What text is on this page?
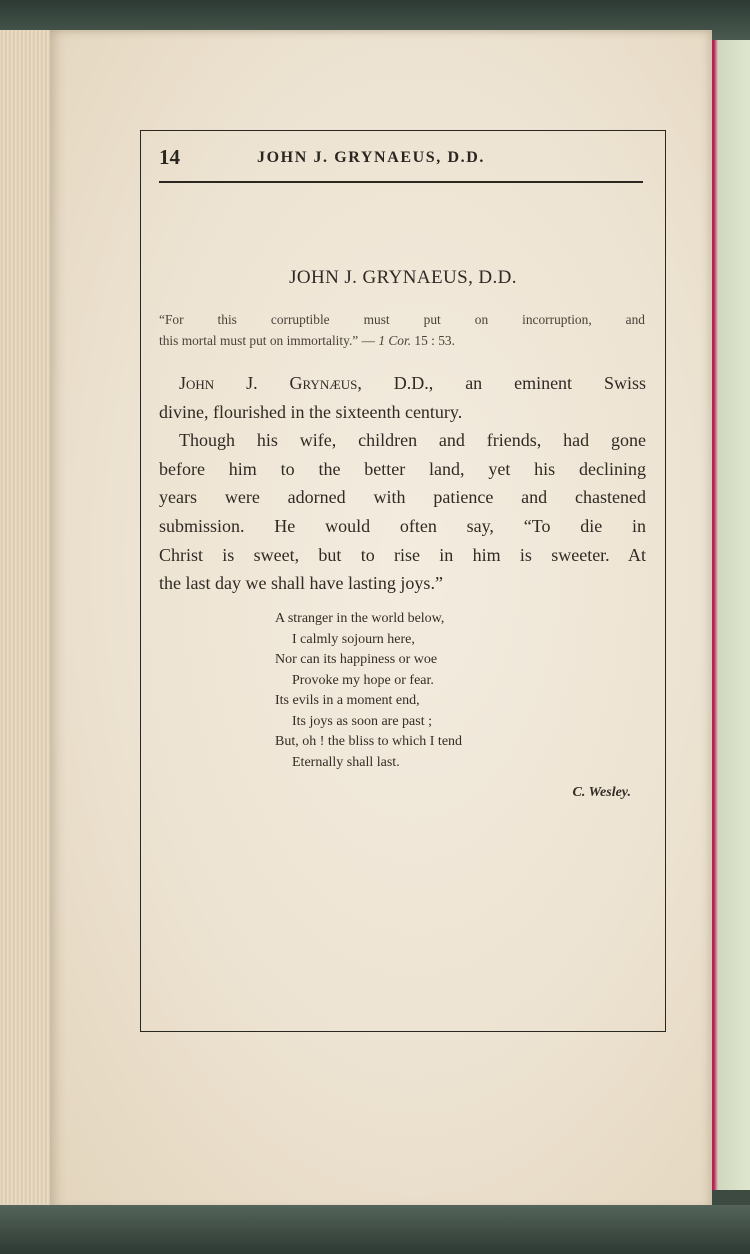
14	JOHN J. GRYNAEUS, D.D.
JOHN J. GRYNAEUS, D.D.
“For this corruptible must put on incorruption, and
this mortal must put on immortality.” — 1 Cor. 15 : 53.
John J. Grynæus, D.D., an eminent Swiss
divine, flourished in the sixteenth century.
Though his wife, children and friends, had gone
before him to the better land, yet his declining
years were adorned with patience and chastened
submission. He would often say, “To die in
Christ is sweet, but to rise in him is sweeter. At
the last day we shall have lasting joys.”
A stranger in the world below,
I calmly sojourn here,
Nor can its happiness or woe
Provoke my hope or fear.
Its evils in a moment end,
Its joys as soon are past ;
But, oh ! the bliss to which I tend
Eternally shall last.
C. Wesley.
